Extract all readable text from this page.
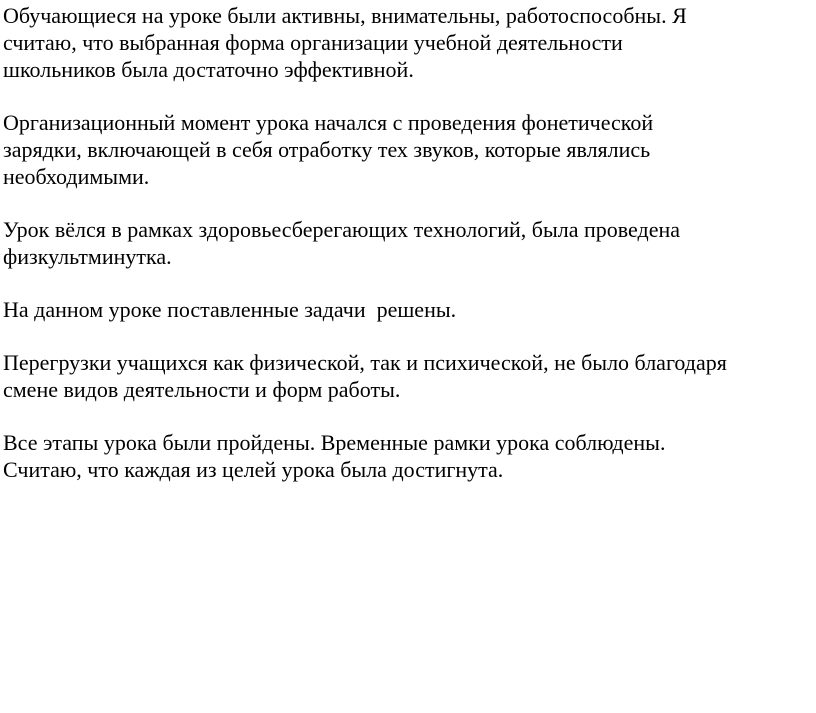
Обучающиеся на уроке были активны, внимательны, работоспособны. Я
считаю, что выбранная форма организации учебной деятельности
школьников была достаточно эффективной.

Организационный момент урока начался с проведения фонетической
зарядки, включающей в себя отработку тех звуков, которые являлись
необходимыми.

Урок вёлся в рамках здоровьесберегающих технологий, была проведена
физкультминутка.

На данном уроке поставленные задачи  решены.

Перегрузки учащихся как физической, так и психической, не было благодаря
смене видов деятельности и форм работы.

Все этапы урока были пройдены. Временные рамки урока соблюдены.
Считаю, что каждая из целей урока была достигнута.
